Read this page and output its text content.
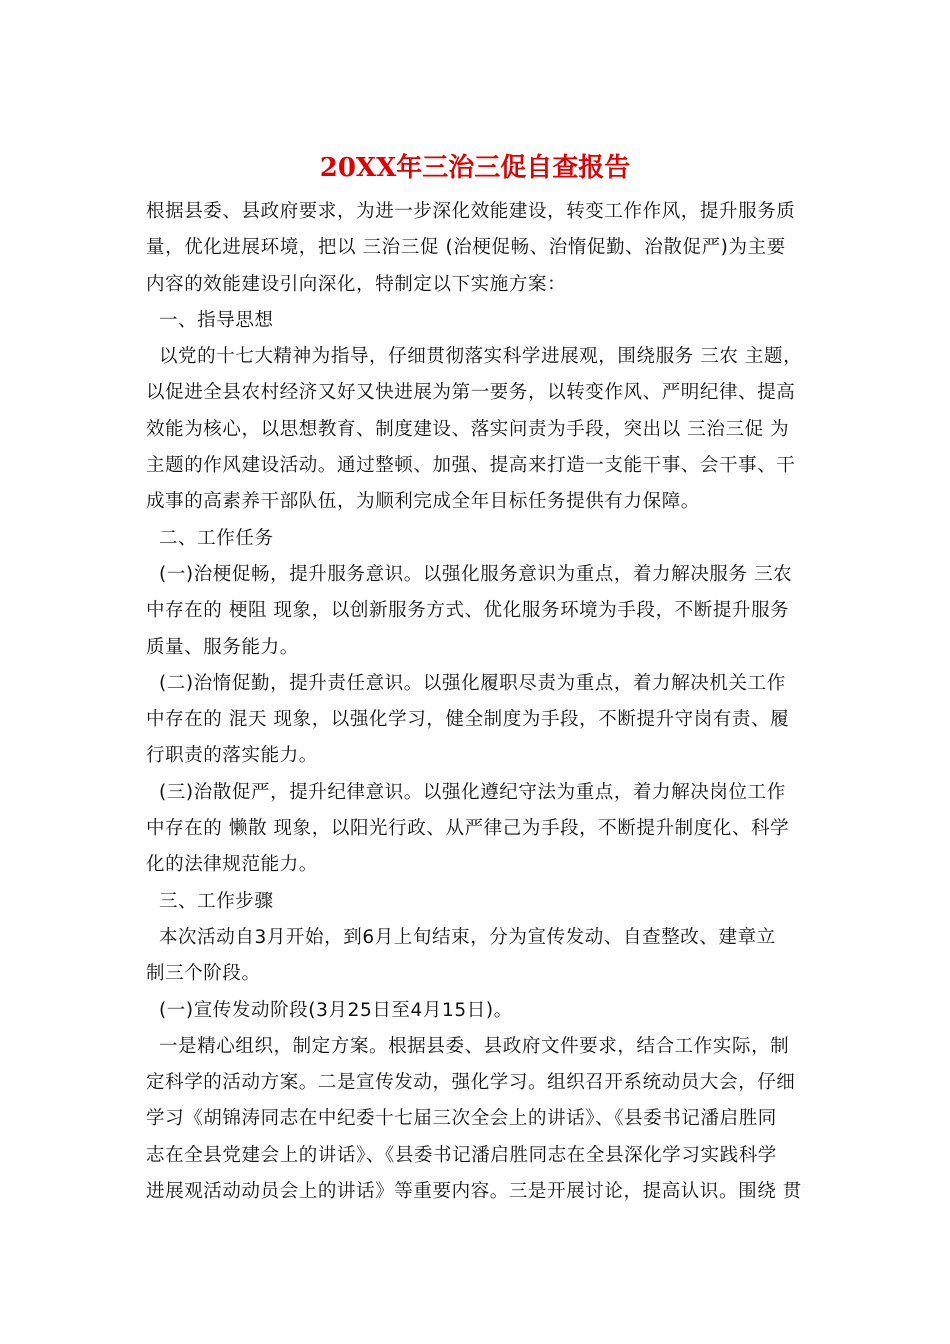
20XX年三治三促自查报告
根据县委、县政府要求，为进一步深化效能建设，转变工作作风，提升服务质
量，优化进展环境，把以 三治三促 (治梗促畅、治惰促勤、治散促严)为主要
内容的效能建设引向深化，特制定以下实施方案：
一、指导思想
以党的十七大精神为指导，仔细贯彻落实科学进展观，围绕服务 三农 主题，
以促进全县农村经济又好又快进展为第一要务，以转变作风、严明纪律、提高
效能为核心，以思想教育、制度建设、落实问责为手段，突出以 三治三促 为
主题的作风建设活动。通过整顿、加强、提高来打造一支能干事、会干事、干
成事的高素养干部队伍，为顺利完成全年目标任务提供有力保障。
二、工作任务
(一)治梗促畅，提升服务意识。以强化服务意识为重点，着力解决服务 三农
中存在的 梗阻 现象，以创新服务方式、优化服务环境为手段，不断提升服务
质量、服务能力。
(二)治惰促勤，提升责任意识。以强化履职尽责为重点，着力解决机关工作
中存在的 混天 现象，以强化学习，健全制度为手段，不断提升守岗有责、履
行职责的落实能力。
(三)治散促严，提升纪律意识。以强化遵纪守法为重点，着力解决岗位工作
中存在的 懒散 现象，以阳光行政、从严律己为手段，不断提升制度化、科学
化的法律规范能力。
三、工作步骤
本次活动自3月开始，到6月上旬结束，分为宣传发动、自查整改、建章立
制三个阶段。
(一)宣传发动阶段(3月25日至4月15日)。
一是精心组织，制定方案。根据县委、县政府文件要求，结合工作实际，制
定科学的活动方案。二是宣传发动，强化学习。组织召开系统动员大会，仔细
学习《胡锦涛同志在中纪委十七届三次全会上的讲话》、《县委书记潘启胜同
志在全县党建会上的讲话》、《县委书记潘启胜同志在全县深化学习实践科学
进展观活动动员会上的讲话》等重要内容。三是开展讨论，提高认识。围绕 贯
